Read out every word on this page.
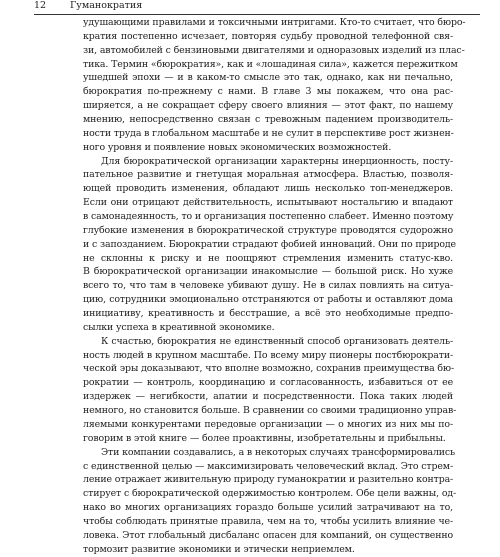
12	Гуманократия
удушающими правилами и токсичными интригами. Кто-то считает, что бюро-
кратия постепенно исчезает, повторяя судьбу проводной телефонной свя-
зи, автомобилей с бензиновыми двигателями и одноразовых изделий из плас-
тика. Термин «бюрократия», как и «лошадиная сила», кажется пережитком
ушедшей эпохи — и в каком-то смысле это так, однако, как ни печально,
бюрократия по-прежнему с нами. В главе 3 мы покажем, что она рас-
ширяется, а не сокращает сферу своего влияния — этот факт, по нашему
мнению, непосредственно связан с тревожным падением производитель-
ности труда в глобальном масштабе и не сулит в перспективе рост жизнен-
ного уровня и появление новых экономических возможностей.
Для бюрократической организации характерны инерционность, посту-
пательное развитие и гнетущая моральная атмосфера. Властью, позволя-
ющей проводить изменения, обладают лишь несколько топ-менеджеров.
Если они отрицают действительность, испытывают ностальгию и впадают
в самонадеянность, то и организация постепенно слабеет. Именно поэтому
глубокие изменения в бюрократической структуре проводятся судорожно
и с запозданием. Бюрократии страдают фобией инноваций. Они по природе
не склонны к риску и не поощряют стремления изменить статус-кво.
В бюрократической организации инакомыслие — большой риск. Но хуже
всего то, что там в человеке убивают душу. Не в силах повлиять на ситуа-
цию, сотрудники эмоционально отстраняются от работы и оставляют дома
инициативу, креативность и бесстрашие, а всё это необходимые предпо-
сылки успеха в креативной экономике.
К счастью, бюрократия не единственный способ организовать деятель-
ность людей в крупном масштабе. По всему миру пионеры постбюрократи-
ческой эры доказывают, что вполне возможно, сохранив преимущества бю-
рократии — контроль, координацию и согласованность, избавиться от ее
издержек — негибкости, апатии и посредственности. Пока таких людей
немного, но становится больше. В сравнении со своими традиционно управ-
ляемыми конкурентами передовые организации — о многих из них мы по-
говорим в этой книге — более проактивны, изобретательны и прибыльны.
Эти компании создавались, а в некоторых случаях трансформировались
с единственной целью — максимизировать человеческий вклад. Это стрем-
ление отражает живительную природу гуманократии и разительно контра-
стирует с бюрократической одержимостью контролем. Обе цели важны, од-
нако во многих организациях гораздо больше усилий затрачивают на то,
чтобы соблюдать принятые правила, чем на то, чтобы усилить влияние че-
ловека. Этот глобальный дисбаланс опасен для компаний, он существенно
тормозит развитие экономики и этически неприемлем.
